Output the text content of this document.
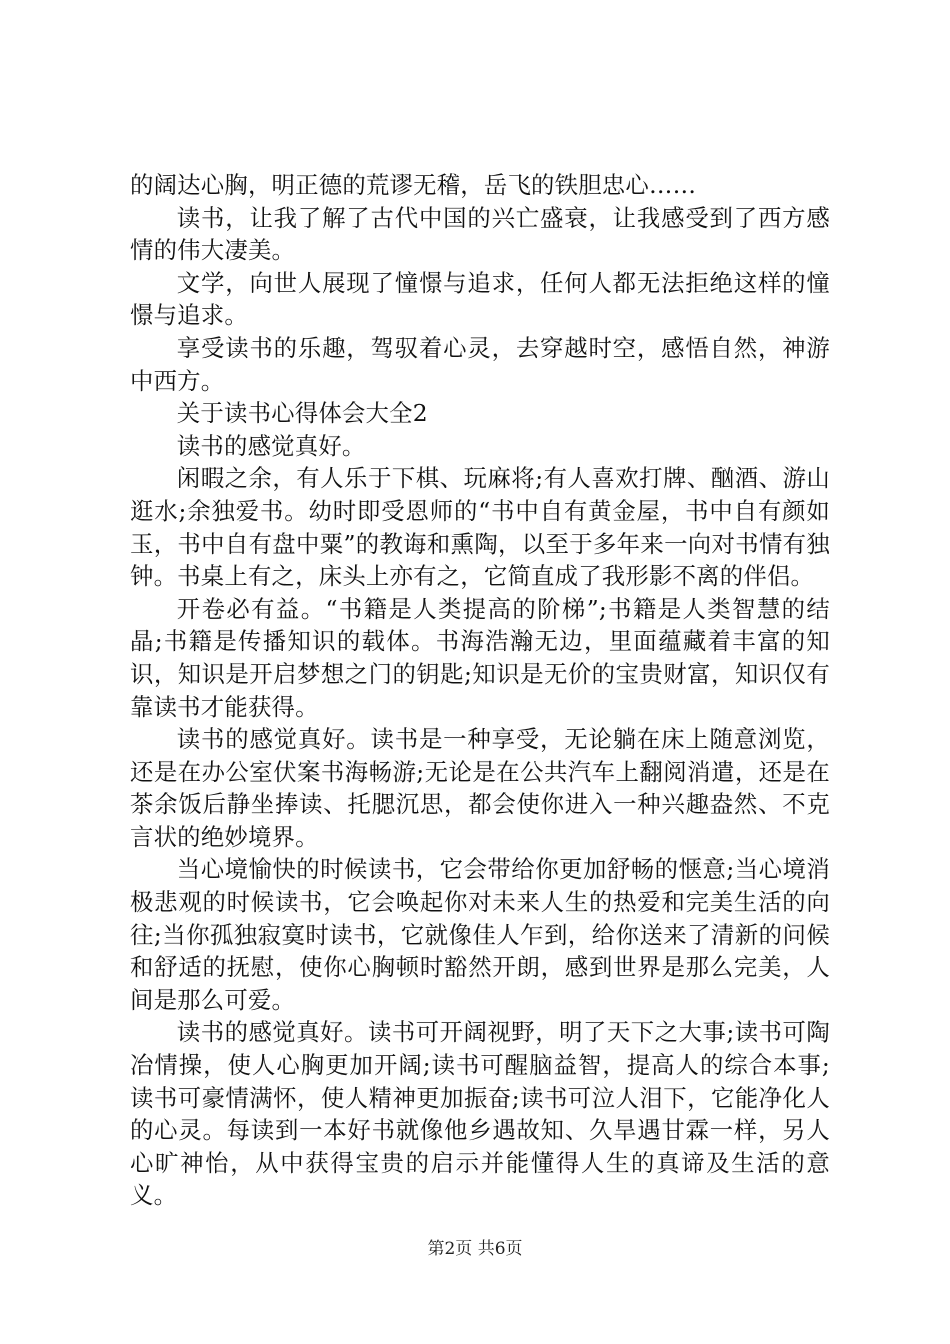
的阔达心胸，明正德的荒谬无稽，岳飞的铁胆忠心……

读书，让我了解了古代中国的兴亡盛衰，让我感受到了西方感情的伟大凄美。

文学，向世人展现了憧憬与追求，任何人都无法拒绝这样的憧憬与追求。

享受读书的乐趣，驾驭着心灵，去穿越时空，感悟自然，神游中西方。

关于读书心得体会大全2

读书的感觉真好。

闲暇之余，有人乐于下棋、玩麻将;有人喜欢打牌、酗酒、游山逛水;余独爱书。幼时即受恩师的“书中自有黄金屋，书中自有颜如玉，书中自有盘中粟”的教诲和熏陶，以至于多年来一向对书情有独钟。书桌上有之，床头上亦有之，它简直成了我形影不离的伴侣。

开卷必有益。“书籍是人类提高的阶梯”;书籍是人类智慧的结晶;书籍是传播知识的载体。书海浩瀚无边，里面蕴藏着丰富的知识，知识是开启梦想之门的钥匙;知识是无价的宝贵财富，知识仅有靠读书才能获得。

读书的感觉真好。读书是一种享受，无论躺在床上随意浏览，还是在办公室伏案书海畅游;无论是在公共汽车上翻阅消遣，还是在茶余饭后静坐捧读、托腮沉思，都会使你进入一种兴趣盎然、不克言状的绝妙境界。

当心境愉快的时候读书，它会带给你更加舒畅的惬意;当心境消极悲观的时候读书，它会唤起你对未来人生的热爱和完美生活的向往;当你孤独寂寞时读书，它就像佳人乍到，给你送来了清新的问候和舒适的抚慰，使你心胸顿时豁然开朗，感到世界是那么完美，人间是那么可爱。

读书的感觉真好。读书可开阔视野，明了天下之大事;读书可陶冶情操，使人心胸更加开阔;读书可醒脑益智，提高人的综合本事;读书可豪情满怀，使人精神更加振奋;读书可泣人泪下，它能净化人的心灵。每读到一本好书就像他乡遇故知、久旱遇甘霖一样，另人心旷神怡，从中获得宝贵的启示并能懂得人生的真谛及生活的意义。

第2页 共6页
